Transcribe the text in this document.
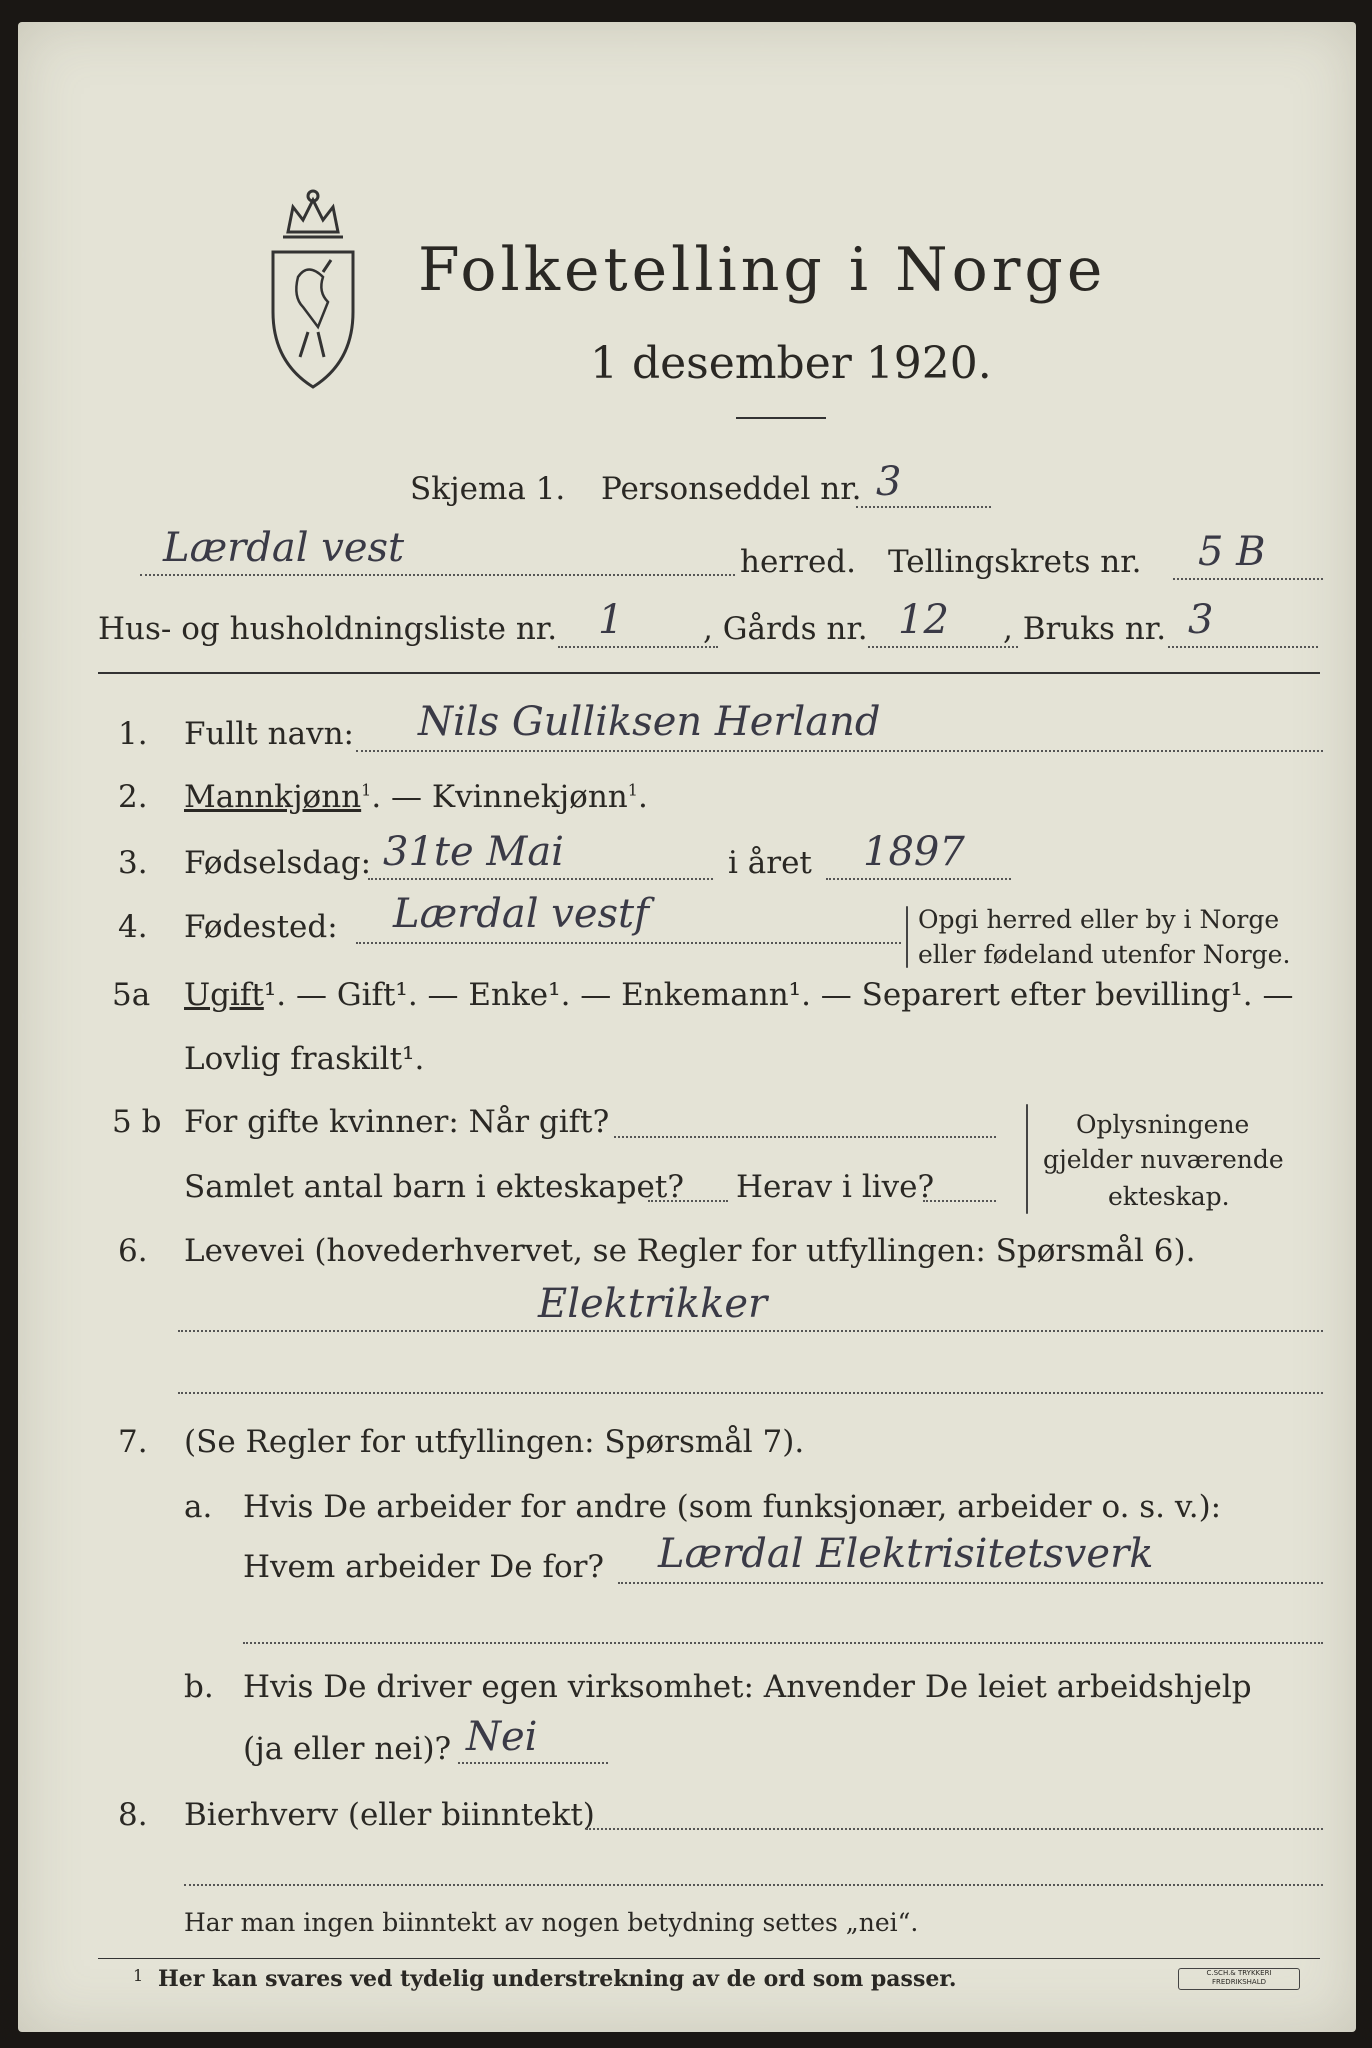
Folketelling i Norge
1 desember 1920.
Skjema 1. Personseddel nr. 3
Lærdal vest	herred. Tellingskrets nr. 5 B
Hus- og husholdningsliste nr. 1	, Gårds nr. 12 , Bruks nr. 3
1. Fullt navn: Nils Gulliksen Herland
2. Mannkjønn$^1$. — Kvinnekjønn$^1$.
3. Fødselsdag: 31te Mai	i året 1897
4. Fødested: Lærdal vestf	Opgi herred eller by i Norge
eller fødeland utenfor Norge.
5a Ugift¹. — Gift¹. — Enke¹. — Enkemann¹. — Separert efter bevilling¹. —
Lovlig fraskilt¹.
5 b For gifte kvinner: Når gift?
Samlet antal barn i ekteskapet? Herav i live?
Oplysningene
gjelder nuværende
ekteskap.
6. Levevei (hovederhvervet, se Regler for utfyllingen: Spørsmål 6).
Elektrikker
7. (Se Regler for utfyllingen: Spørsmål 7).
a. Hvis De arbeider for andre (som funksjonær, arbeider o. s. v.):
Hvem arbeider De for? Lærdal Elektrisitetsverk
b. Hvis De driver egen virksomhet: Anvender De leiet arbeidshjelp
(ja eller nei)? Nei
8. Bierhverv (eller biinntekt)
Har man ingen biinntekt av nogen betydning settes „nei“.
1 Her kan svares ved tydelig understrekning av de ord som passer.	C.SCH.& TRYKKERI FREDRIKSHALD
